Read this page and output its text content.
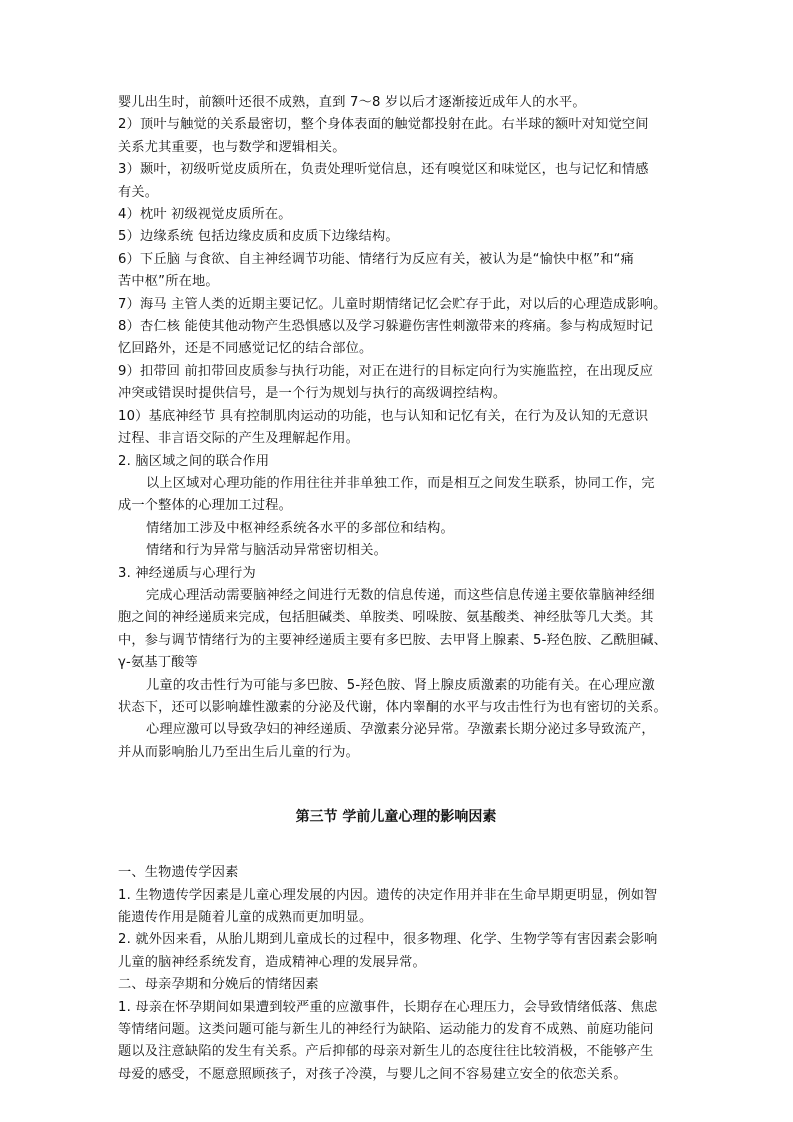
婴儿出生时，前额叶还很不成熟，直到 7～8 岁以后才逐渐接近成年人的水平。
2）顶叶与触觉的关系最密切，整个身体表面的触觉都投射在此。右半球的额叶对知觉空间
关系尤其重要，也与数学和逻辑相关。
3）颞叶，初级听觉皮质所在，负责处理听觉信息，还有嗅觉区和味觉区，也与记忆和情感
有关。
4）枕叶 初级视觉皮质所在。
5）边缘系统 包括边缘皮质和皮质下边缘结构。
6）下丘脑 与食欲、自主神经调节功能、情绪行为反应有关，被认为是“愉快中枢”和“痛
苦中枢”所在地。
7）海马 主管人类的近期主要记忆。儿童时期情绪记忆会贮存于此，对以后的心理造成影响。
8）杏仁核 能使其他动物产生恐惧感以及学习躲避伤害性刺激带来的疼痛。参与构成短时记
忆回路外，还是不同感觉记忆的结合部位。
9）扣带回 前扣带回皮质参与执行功能，对正在进行的目标定向行为实施监控，在出现反应
冲突或错误时提供信号，是一个行为规划与执行的高级调控结构。
10）基底神经节 具有控制肌肉运动的功能，也与认知和记忆有关，在行为及认知的无意识
过程、非言语交际的产生及理解起作用。
2. 脑区域之间的联合作用
以上区域对心理功能的作用往往并非单独工作，而是相互之间发生联系，协同工作，完
成一个整体的心理加工过程。
情绪加工涉及中枢神经系统各水平的多部位和结构。
情绪和行为异常与脑活动异常密切相关。
3. 神经递质与心理行为
完成心理活动需要脑神经之间进行无数的信息传递，而这些信息传递主要依靠脑神经细
胞之间的神经递质来完成，包括胆碱类、单胺类、吲哚胺、氨基酸类、神经肽等几大类。其
中，参与调节情绪行为的主要神经递质主要有多巴胺、去甲肾上腺素、5-羟色胺、乙酰胆碱、
γ-氨基丁酸等
儿童的攻击性行为可能与多巴胺、5-羟色胺、肾上腺皮质激素的功能有关。在心理应激
状态下，还可以影响雄性激素的分泌及代谢，体内睾酮的水平与攻击性行为也有密切的关系。
心理应激可以导致孕妇的神经递质、孕激素分泌异常。孕激素长期分泌过多导致流产，
并从而影响胎儿乃至出生后儿童的行为。
第三节 学前儿童心理的影响因素
一、生物遗传学因素
1. 生物遗传学因素是儿童心理发展的内因。遗传的决定作用并非在生命早期更明显，例如智
能遗传作用是随着儿童的成熟而更加明显。
2. 就外因来看，从胎儿期到儿童成长的过程中，很多物理、化学、生物学等有害因素会影响
儿童的脑神经系统发育，造成精神心理的发展异常。
二、母亲孕期和分娩后的情绪因素
1. 母亲在怀孕期间如果遭到较严重的应激事件，长期存在心理压力，会导致情绪低落、焦虑
等情绪问题。这类问题可能与新生儿的神经行为缺陷、运动能力的发育不成熟、前庭功能问
题以及注意缺陷的发生有关系。产后抑郁的母亲对新生儿的态度往往比较消极，不能够产生
母爱的感受，不愿意照顾孩子，对孩子冷漠，与婴儿之间不容易建立安全的依恋关系。
